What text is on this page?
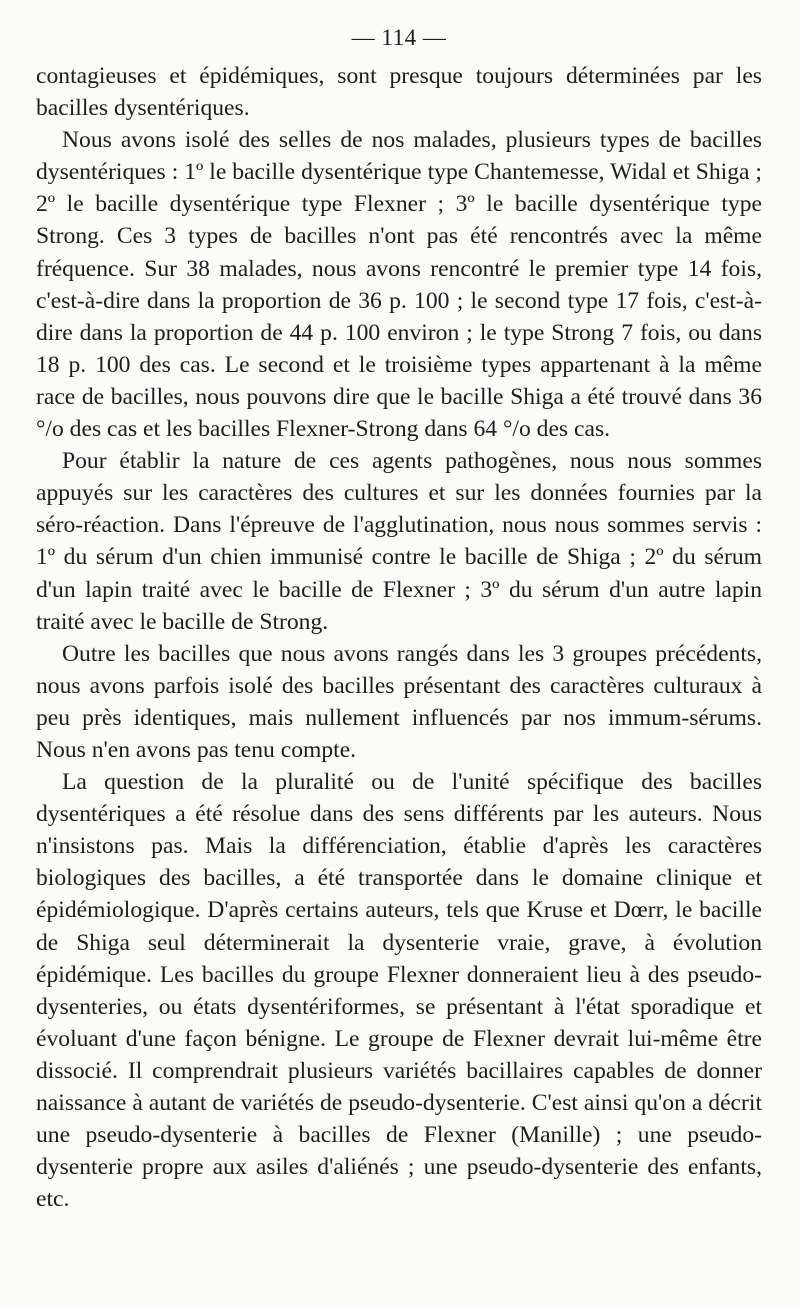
— 114 —

contagieuses et épidémiques, sont presque toujours déterminées par les bacilles dysentériques.

Nous avons isolé des selles de nos malades, plusieurs types de bacilles dysentériques : 1º le bacille dysentérique type Chantemesse, Widal et Shiga ; 2º le bacille dysentérique type Flexner ; 3º le bacille dysentérique type Strong. Ces 3 types de bacilles n'ont pas été rencontrés avec la même fréquence. Sur 38 malades, nous avons rencontré le premier type 14 fois, c'est-à-dire dans la proportion de 36 p. 100 ; le second type 17 fois, c'est-à-dire dans la proportion de 44 p. 100 environ ; le type Strong 7 fois, ou dans 18 p. 100 des cas. Le second et le troisième types appartenant à la même race de bacilles, nous pouvons dire que le bacille Shiga a été trouvé dans 36 °/o des cas et les bacilles Flexner-Strong dans 64 °/o des cas.

Pour établir la nature de ces agents pathogènes, nous nous sommes appuyés sur les caractères des cultures et sur les données fournies par la séro-réaction. Dans l'épreuve de l'agglutination, nous nous sommes servis : 1º du sérum d'un chien immunisé contre le bacille de Shiga ; 2º du sérum d'un lapin traité avec le bacille de Flexner ; 3º du sérum d'un autre lapin traité avec le bacille de Strong.

Outre les bacilles que nous avons rangés dans les 3 groupes précédents, nous avons parfois isolé des bacilles présentant des caractères culturaux à peu près identiques, mais nullement influencés par nos immum-sérums. Nous n'en avons pas tenu compte.

La question de la pluralité ou de l'unité spécifique des bacilles dysentériques a été résolue dans des sens différents par les auteurs. Nous n'insistons pas. Mais la différenciation, établie d'après les caractères biologiques des bacilles, a été transportée dans le domaine clinique et épidémiologique. D'après certains auteurs, tels que Kruse et Dœrr, le bacille de Shiga seul déterminerait la dysenterie vraie, grave, à évolution épidémique. Les bacilles du groupe Flexner donneraient lieu à des pseudo-dysenteries, ou états dysentériformes, se présentant à l'état sporadique et évoluant d'une façon bénigne. Le groupe de Flexner devrait lui-même être dissocié. Il comprendrait plusieurs variétés bacillaires capables de donner naissance à autant de variétés de pseudo-dysenterie. C'est ainsi qu'on a décrit une pseudo-dysenterie à bacilles de Flexner (Manille) ; une pseudo-dysenterie propre aux asiles d'aliénés ; une pseudo-dysenterie des enfants, etc.
